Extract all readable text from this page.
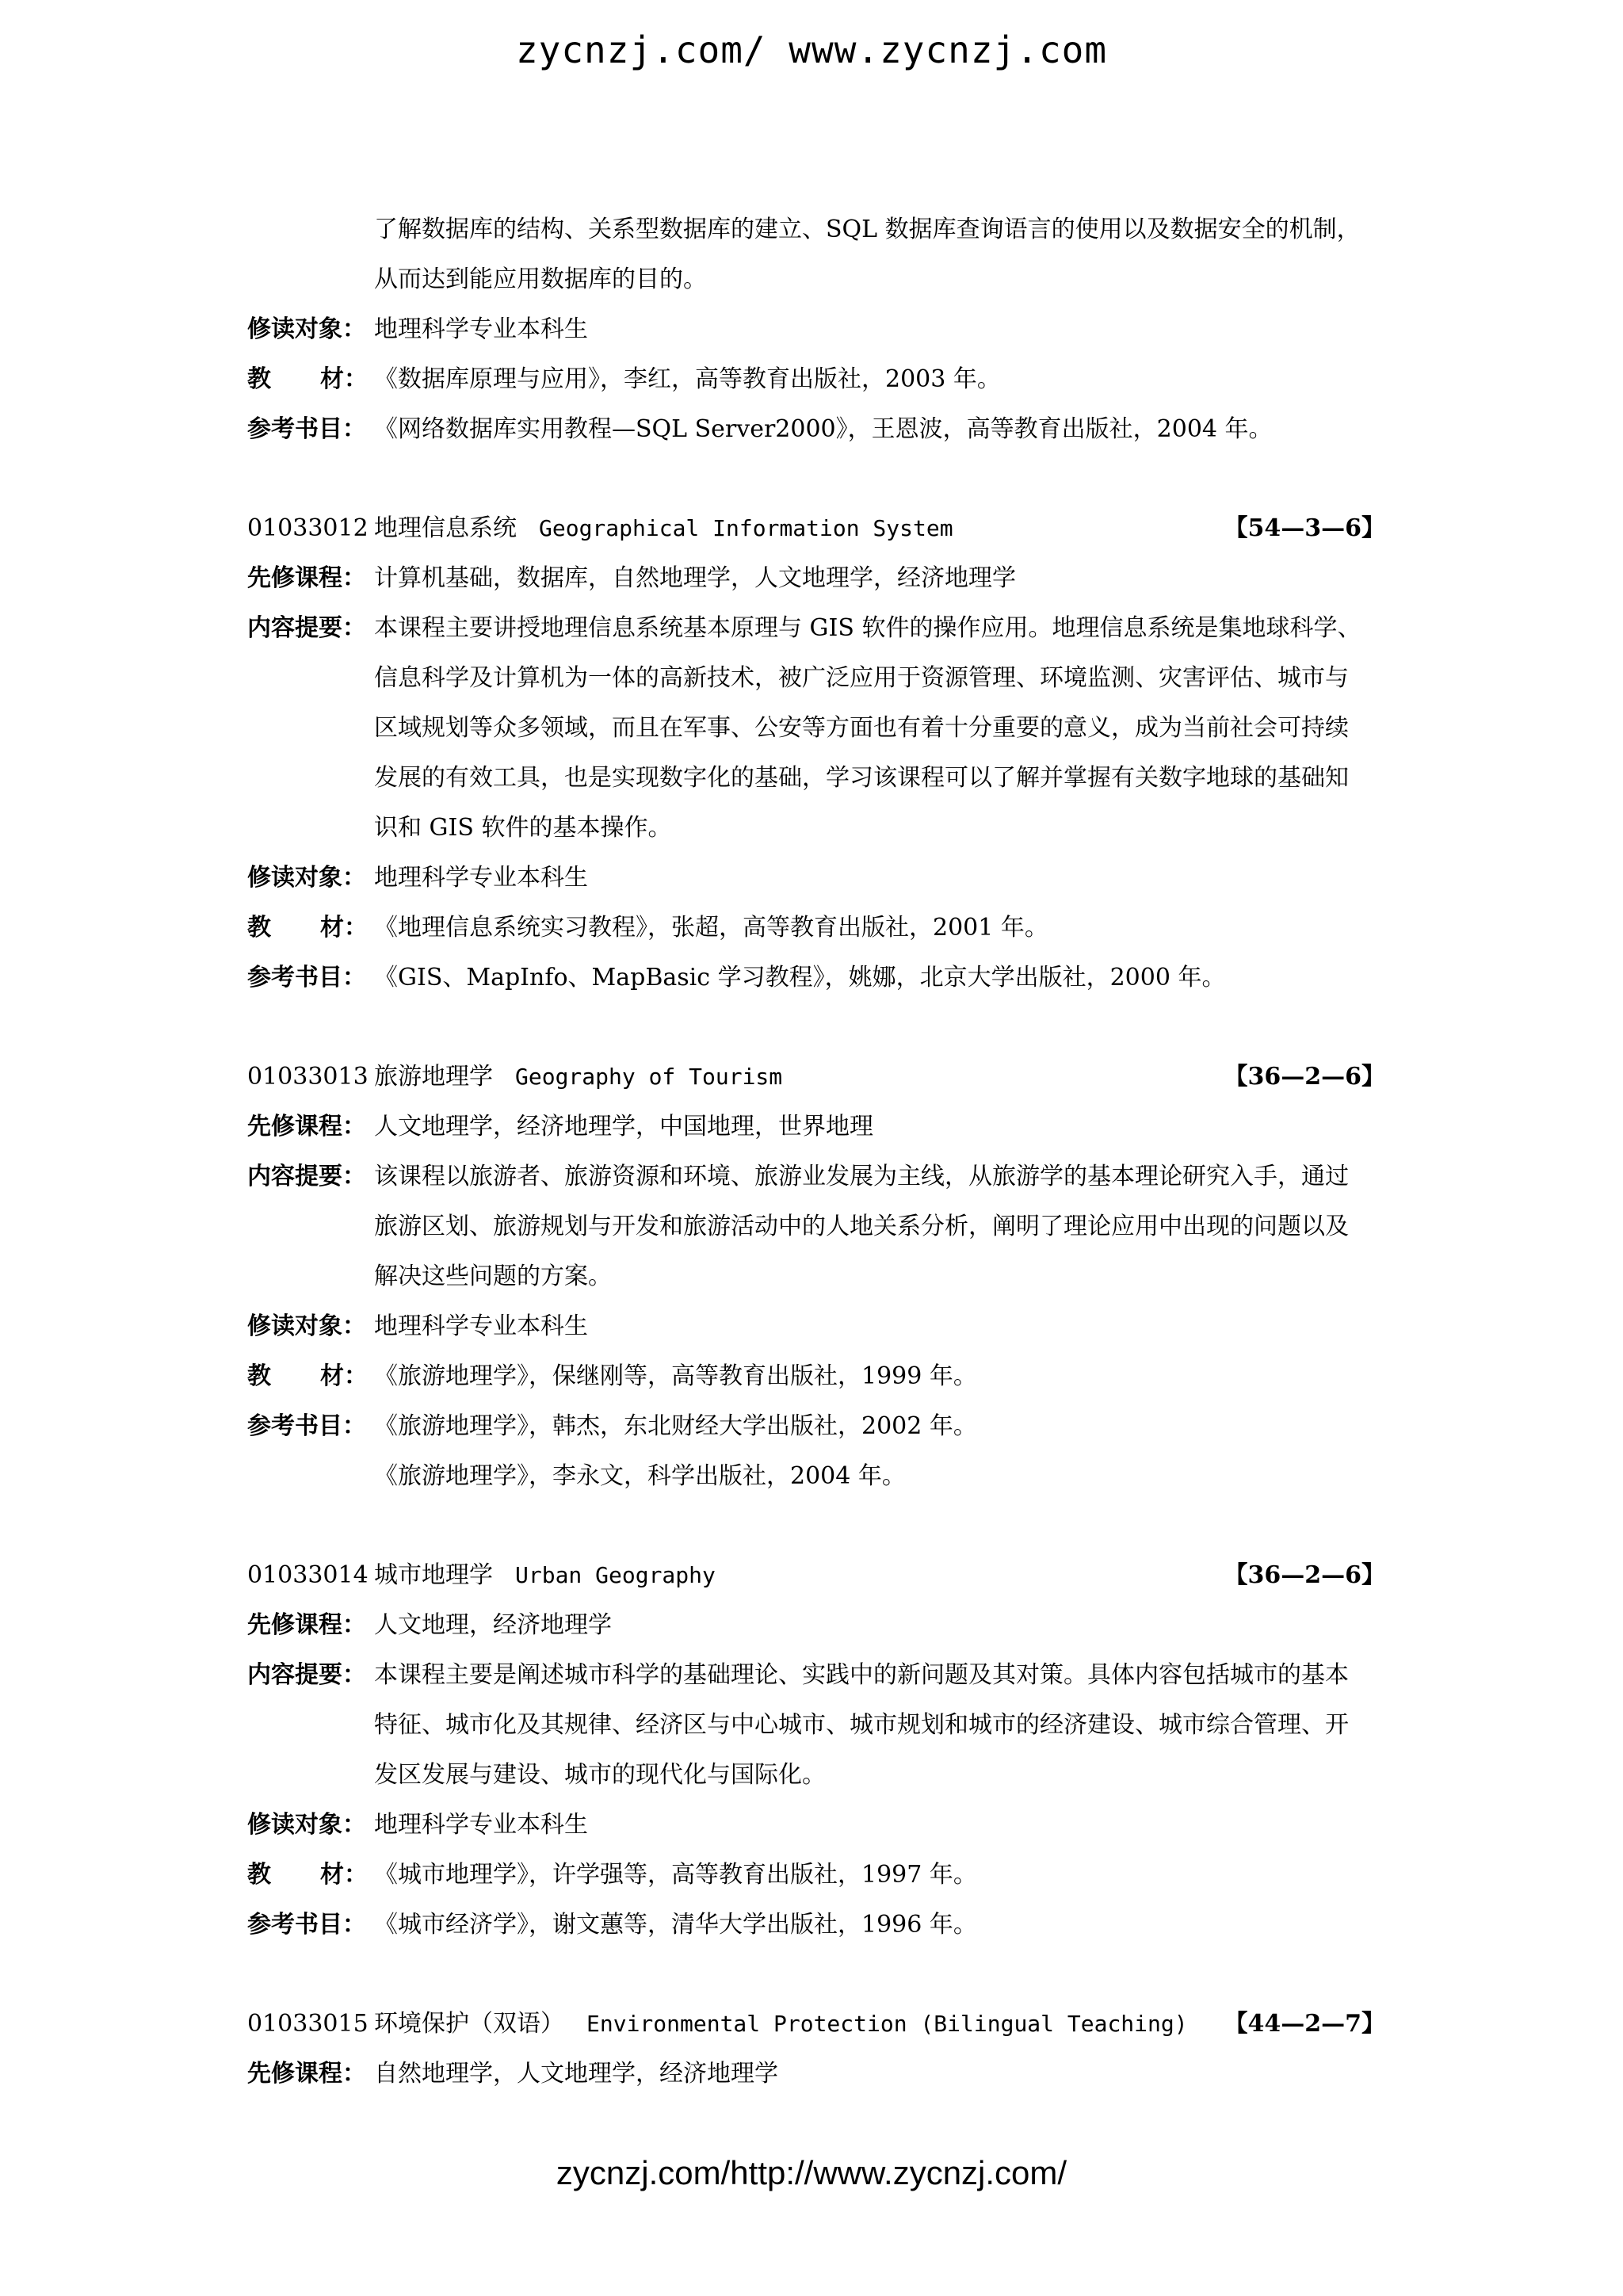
zycnzj.com/ www.zycnzj.com
了解数据库的结构、关系型数据库的建立、SQL 数据库查询语言的使用以及数据安全的机制，
从而达到能应用数据库的目的。
修读对象： 地理科学专业本科生
教 材： 《数据库原理与应用》，李红，高等教育出版社，2003 年。
参考书目： 《网络数据库实用教程—SQL Server2000》，王恩波，高等教育出版社，2004 年。
01033012 地理信息系统 Geographical Information System	【54—3—6】
先修课程： 计算机基础，数据库，自然地理学，人文地理学，经济地理学
内容提要： 本课程主要讲授地理信息系统基本原理与 GIS 软件的操作应用。地理信息系统是集地球科学、
信息科学及计算机为一体的高新技术，被广泛应用于资源管理、环境监测、灾害评估、城市与
区域规划等众多领域，而且在军事、公安等方面也有着十分重要的意义，成为当前社会可持续
发展的有效工具，也是实现数字化的基础，学习该课程可以了解并掌握有关数字地球的基础知
识和 GIS 软件的基本操作。
修读对象： 地理科学专业本科生
教 材： 《地理信息系统实习教程》，张超，高等教育出版社，2001 年。
参考书目： 《GIS、MapInfo、MapBasic 学习教程》，姚娜，北京大学出版社，2000 年。
01033013 旅游地理学 Geography of Tourism	【36—2—6】
先修课程： 人文地理学，经济地理学，中国地理，世界地理
内容提要： 该课程以旅游者、旅游资源和环境、旅游业发展为主线，从旅游学的基本理论研究入手，通过
旅游区划、旅游规划与开发和旅游活动中的人地关系分析，阐明了理论应用中出现的问题以及
解决这些问题的方案。
修读对象： 地理科学专业本科生
教 材： 《旅游地理学》，保继刚等，高等教育出版社，1999 年。
参考书目： 《旅游地理学》，韩杰，东北财经大学出版社，2002 年。
《旅游地理学》，李永文，科学出版社，2004 年。
01033014 城市地理学 Urban Geography	【36—2—6】
先修课程： 人文地理，经济地理学
内容提要： 本课程主要是阐述城市科学的基础理论、实践中的新问题及其对策。具体内容包括城市的基本
特征、城市化及其规律、经济区与中心城市、城市规划和城市的经济建设、城市综合管理、开
发区发展与建设、城市的现代化与国际化。
修读对象： 地理科学专业本科生
教 材： 《城市地理学》，许学强等，高等教育出版社，1997 年。
参考书目： 《城市经济学》，谢文蕙等，清华大学出版社，1996 年。
01033015 环境保护（双语） Environmental Protection (Bilingual Teaching)	【44—2—7】
先修课程： 自然地理学，人文地理学，经济地理学
zycnzj.com/http://www.zycnzj.com/
